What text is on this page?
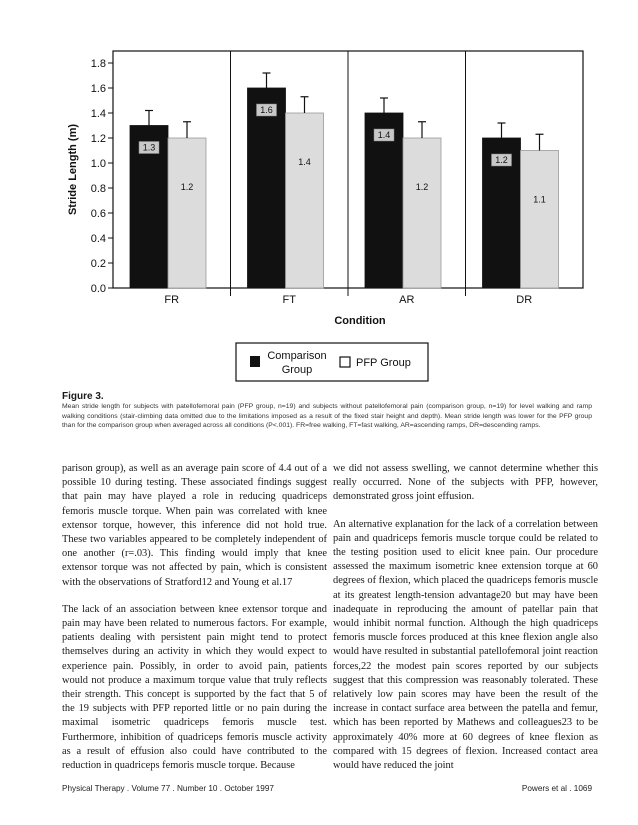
0.0
0.2
0.4
0.6
0.8
1.0
1.2
1.4
1.6
1.8
Stride Length (m)	1.3
1.2
FR
1.6
1.4
FT
1.4
1.2
AR
1.2
1.1
DR
Condition
Comparison
Group
PFP Group
Figure 3.
Mean stride length for subjects with patellofemoral pain (PFP group, n=19) and subjects without patellofemoral pain (comparison group, n=19) for level walking and ramp walking conditions (stair-climbing data omitted due to the limitations imposed as a result of the fixed stair height and depth). Mean stride length was lower for the PFP group than for the comparison group when averaged across all conditions (P<.001). FR=free walking, FT=fast walking, AR=ascending ramps, DR=descending ramps.

parison group), as well as an average pain score of 4.4 out of a possible 10 during testing. These associated findings suggest that pain may have played a role in reducing quadriceps femoris muscle torque. When pain was correlated with knee extensor torque, however, this inference did not hold true. These two variables appeared to be completely independent of one another (r=.03). This finding would imply that knee extensor torque was not affected by pain, which is consistent with the observations of Stratford12 and Young et al.17

The lack of an association between knee extensor torque and pain may have been related to numerous factors. For example, patients dealing with persistent pain might tend to protect themselves during an activity in which they would expect to experience pain. Possibly, in order to avoid pain, patients would not produce a maximum torque value that truly reflects their strength. This concept is supported by the fact that 5 of the 19 subjects with PFP reported little or no pain during the maximal isometric quadriceps femoris muscle test. Furthermore, inhibition of quadriceps femoris muscle activity as a result of effusion also could have contributed to the reduction in quadriceps femoris muscle torque. Because

we did not assess swelling, we cannot determine whether this really occurred. None of the subjects with PFP, however, demonstrated gross joint effusion.

An alternative explanation for the lack of a correlation between pain and quadriceps femoris muscle torque could be related to the testing position used to elicit knee pain. Our procedure assessed the maximum isometric knee extension torque at 60 degrees of flexion, which placed the quadriceps femoris muscle at its greatest length-tension advantage20 but may have been inadequate in reproducing the amount of patellar pain that would inhibit normal function. Although the high quadriceps femoris muscle forces produced at this knee flexion angle also would have resulted in substantial patellofemoral joint reaction forces,22 the modest pain scores reported by our subjects suggest that this compression was reasonably tolerated. These relatively low pain scores may have been the result of the increase in contact surface area between the patella and femur, which has been reported by Mathews and colleagues23 to be approximately 40% more at 60 degrees of knee flexion as compared with 15 degrees of flexion. Increased contact area would have reduced the joint

Physical Therapy . Volume 77 . Number 10 . October 1997	Powers et al . 1069
